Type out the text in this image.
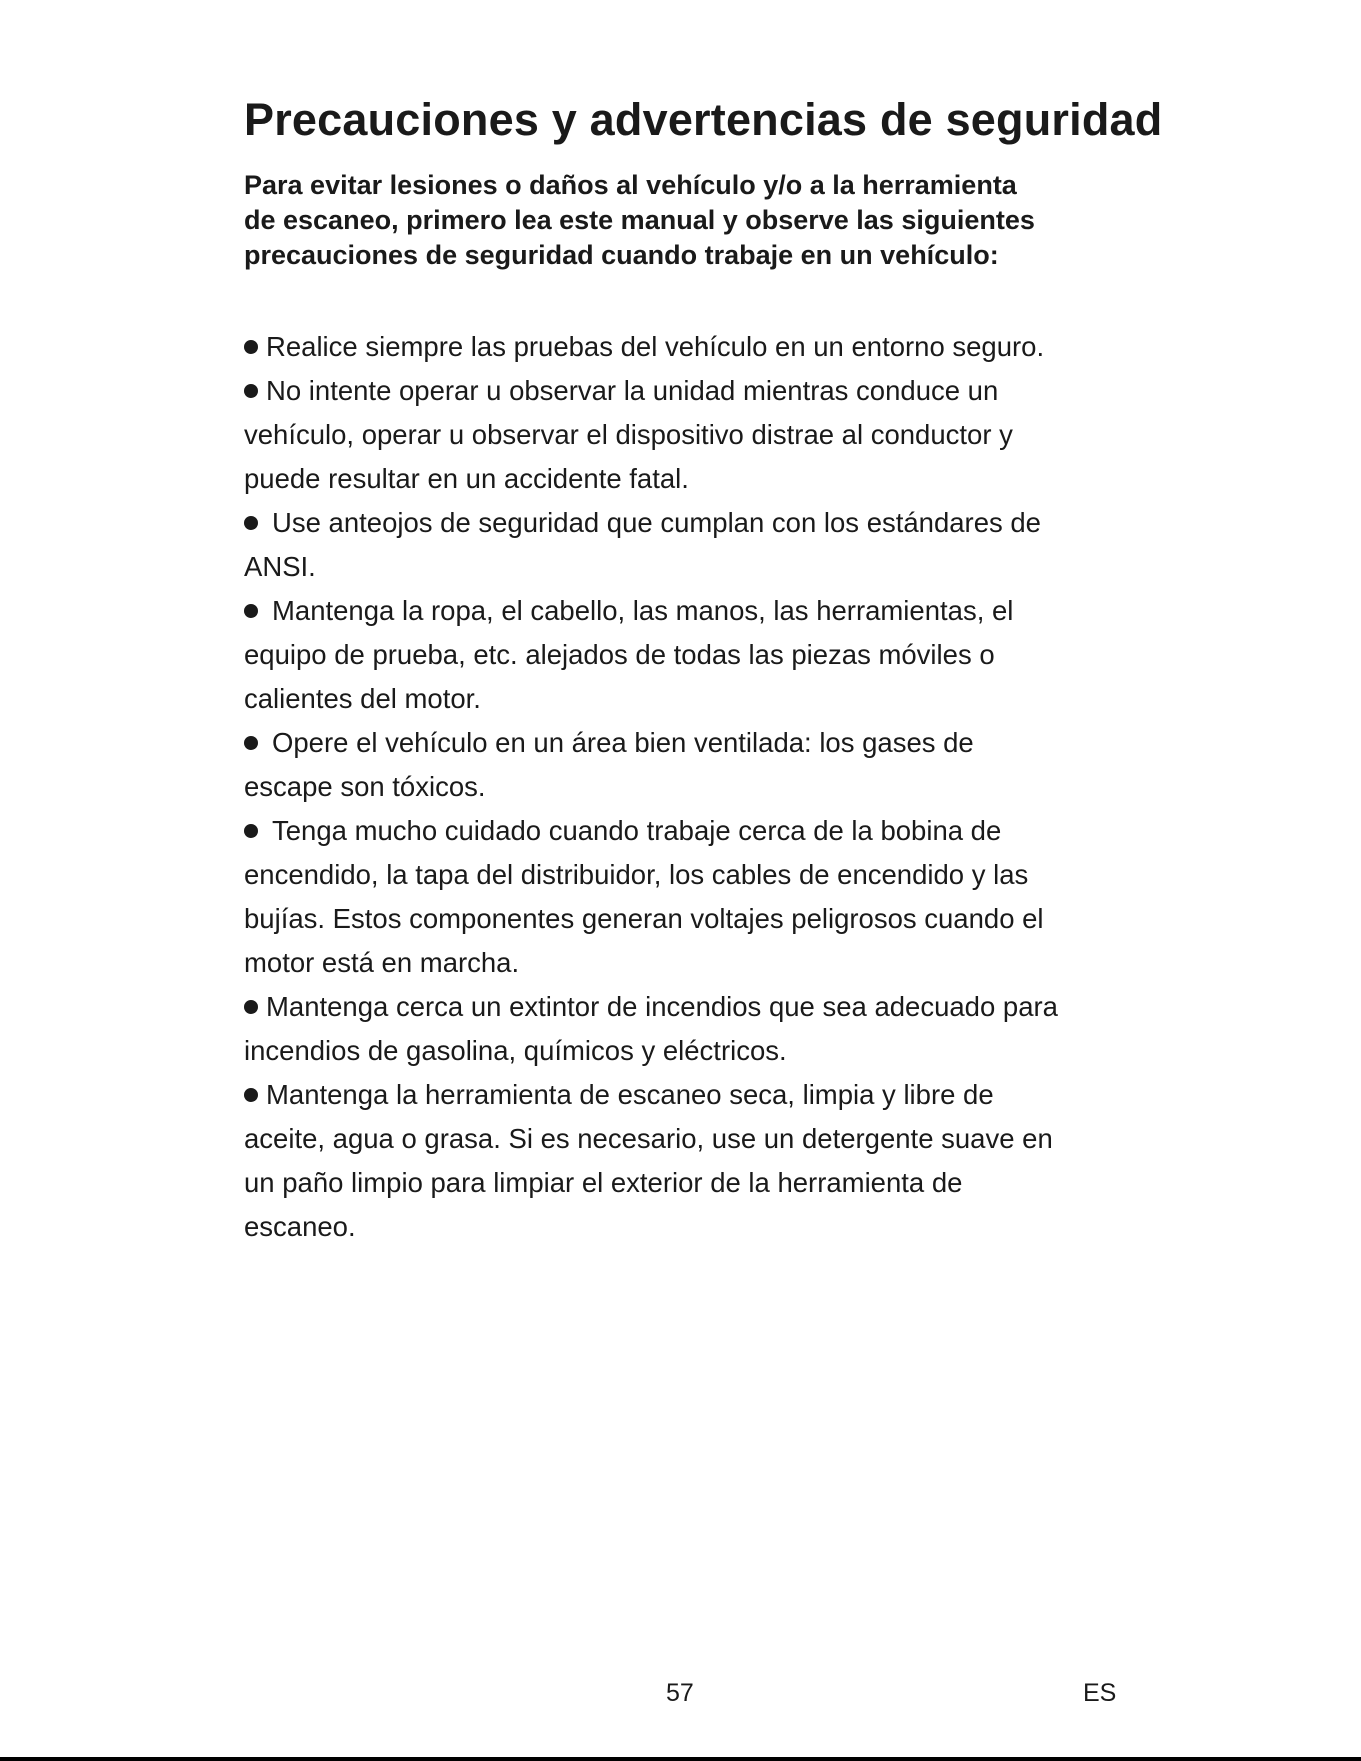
Precauciones y advertencias de seguridad

Para evitar lesiones o daños al vehículo y/o a la herramienta
de escaneo, primero lea este manual y observe las siguientes
precauciones de seguridad cuando trabaje en un vehículo:

Realice siempre las pruebas del vehículo en un entorno seguro.
No intente operar u observar la unidad mientras conduce un
vehículo, operar u observar el dispositivo distrae al conductor y
puede resultar en un accidente fatal.
Use anteojos de seguridad que cumplan con los estándares de
ANSI.
Mantenga la ropa, el cabello, las manos, las herramientas, el
equipo de prueba, etc. alejados de todas las piezas móviles o
calientes del motor.
Opere el vehículo en un área bien ventilada: los gases de
escape son tóxicos.
Tenga mucho cuidado cuando trabaje cerca de la bobina de
encendido, la tapa del distribuidor, los cables de encendido y las
bujías. Estos componentes generan voltajes peligrosos cuando el
motor está en marcha.
Mantenga cerca un extintor de incendios que sea adecuado para
incendios de gasolina, químicos y eléctricos.
Mantenga la herramienta de escaneo seca, limpia y libre de
aceite, agua o grasa. Si es necesario, use un detergente suave en
un paño limpio para limpiar el exterior de la herramienta de
escaneo.
57	ES
